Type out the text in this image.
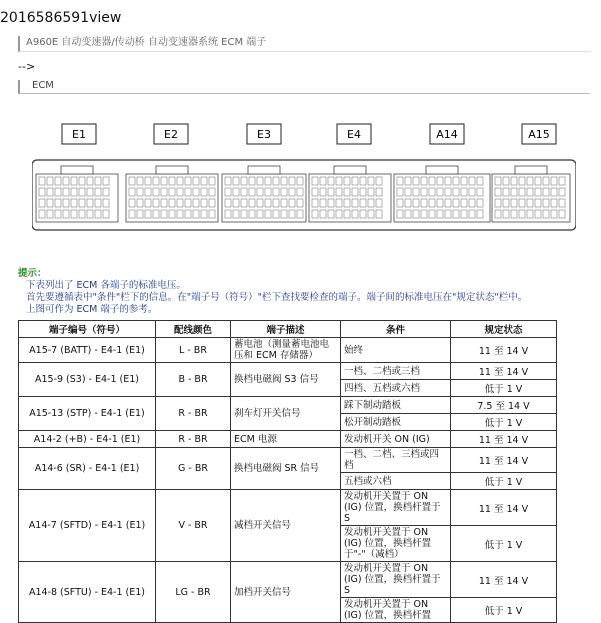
2016586591view
A960E 自动变速器/传动桥 自动变速器系统 ECM 端子
-->
ECM
E1	E2	E3	E4	A14	A15
提示：
下表列出了 ECM 各端子的标准电压。
首先要遵循表中"条件"栏下的信息。在"端子号（符号）"栏下查找要检查的端子。端子间的标准电压在"规定状态"栏中。
上图可作为 ECM 端子的参考。
端子编号（符号）	配线颜色	端子描述	条件	规定状态
A15-7 (BATT) - E4-1 (E1)	L - BR	蓄电池（测量蓄电池电压和 ECM 存储器）	始终	11 至 14 V
A15-9 (S3) - E4-1 (E1)	B - BR	换档电磁阀 S3 信号	一档、二档或三档	11 至 14 V
			四档、五档或六档	低于 1 V
A15-13 (STP) - E4-1 (E1)	R - BR	刹车灯开关信号	踩下制动踏板	7.5 至 14 V
			松开制动踏板	低于 1 V
A14-2 (+B) - E4-1 (E1)	R - BR	ECM 电源	发动机开关 ON (IG)	11 至 14 V
A14-6 (SR) - E4-1 (E1)	G - BR	换档电磁阀 SR 信号	一档、二档、三档或四档	11 至 14 V
			五档或六档	低于 1 V
A14-7 (SFTD) - E4-1 (E1)	V - BR	减档开关信号	发动机开关置于 ON (IG) 位置，换档杆置于 S	11 至 14 V
			发动机开关置于 ON (IG) 位置，换档杆置于"-"（减档）	低于 1 V
A14-8 (SFTU) - E4-1 (E1)	LG - BR	加档开关信号	发动机开关置于 ON (IG) 位置，换档杆置于 S	11 至 14 V
			发动机开关置于 ON (IG) 位置，换档杆置	低于 1 V
